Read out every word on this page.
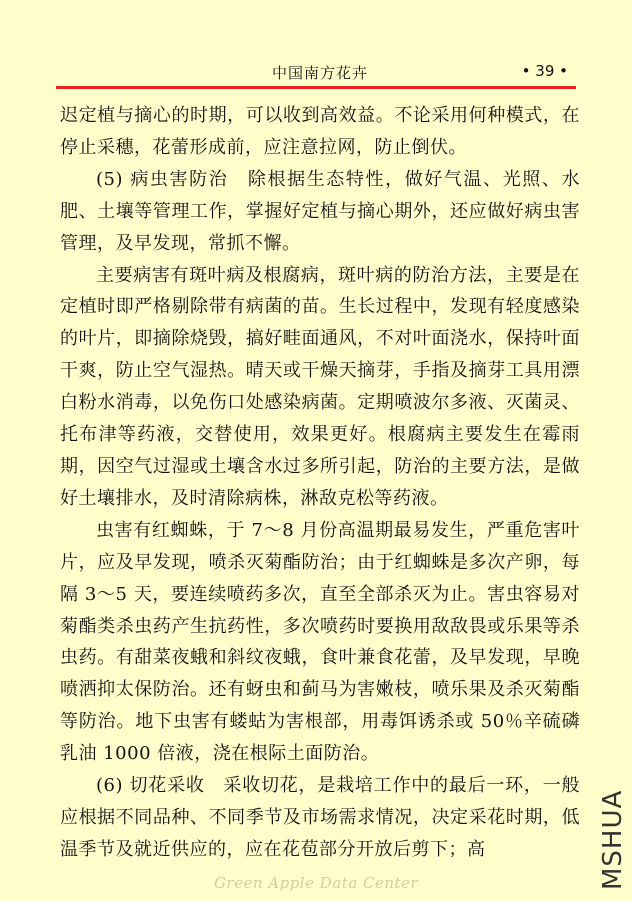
中国南方花卉	• 39 •

迟定植与摘心的时期，可以收到高效益。不论采用何种模式，在停止采穗，花蕾形成前，应注意拉网，防止倒伏。

(5) 病虫害防治　除根据生态特性，做好气温、光照、水肥、土壤等管理工作，掌握好定植与摘心期外，还应做好病虫害管理，及早发现，常抓不懈。

主要病害有斑叶病及根腐病，斑叶病的防治方法，主要是在定植时即严格剔除带有病菌的苗。生长过程中，发现有轻度感染的叶片，即摘除烧毁，搞好畦面通风，不对叶面浇水，保持叶面干爽，防止空气湿热。晴天或干燥天摘芽，手指及摘芽工具用漂白粉水消毒，以免伤口处感染病菌。定期喷波尔多液、灭菌灵、托布津等药液，交替使用，效果更好。根腐病主要发生在霉雨期，因空气过湿或土壤含水过多所引起，防治的主要方法，是做好土壤排水，及时清除病株，淋敌克松等药液。

虫害有红蜘蛛，于 7～8 月份高温期最易发生，严重危害叶片，应及早发现，喷杀灭菊酯防治；由于红蜘蛛是多次产卵，每隔 3～5 天，要连续喷药多次，直至全部杀灭为止。害虫容易对菊酯类杀虫药产生抗药性，多次喷药时要换用敌敌畏或乐果等杀虫药。有甜菜夜蛾和斜纹夜蛾，食叶兼食花蕾，及早发现，早晚喷洒抑太保防治。还有蚜虫和蓟马为害嫩枝，喷乐果及杀灭菊酯等防治。地下虫害有蝼蛄为害根部，用毒饵诱杀或 50％辛硫磷乳油 1000 倍液，浇在根际土面防治。

(6) 切花采收　采收切花，是栽培工作中的最后一环，一般应根据不同品种、不同季节及市场需求情况，决定采花时期，低温季节及就近供应的，应在花苞部分开放后剪下；高	MSHUA
Green Apple Data Center
